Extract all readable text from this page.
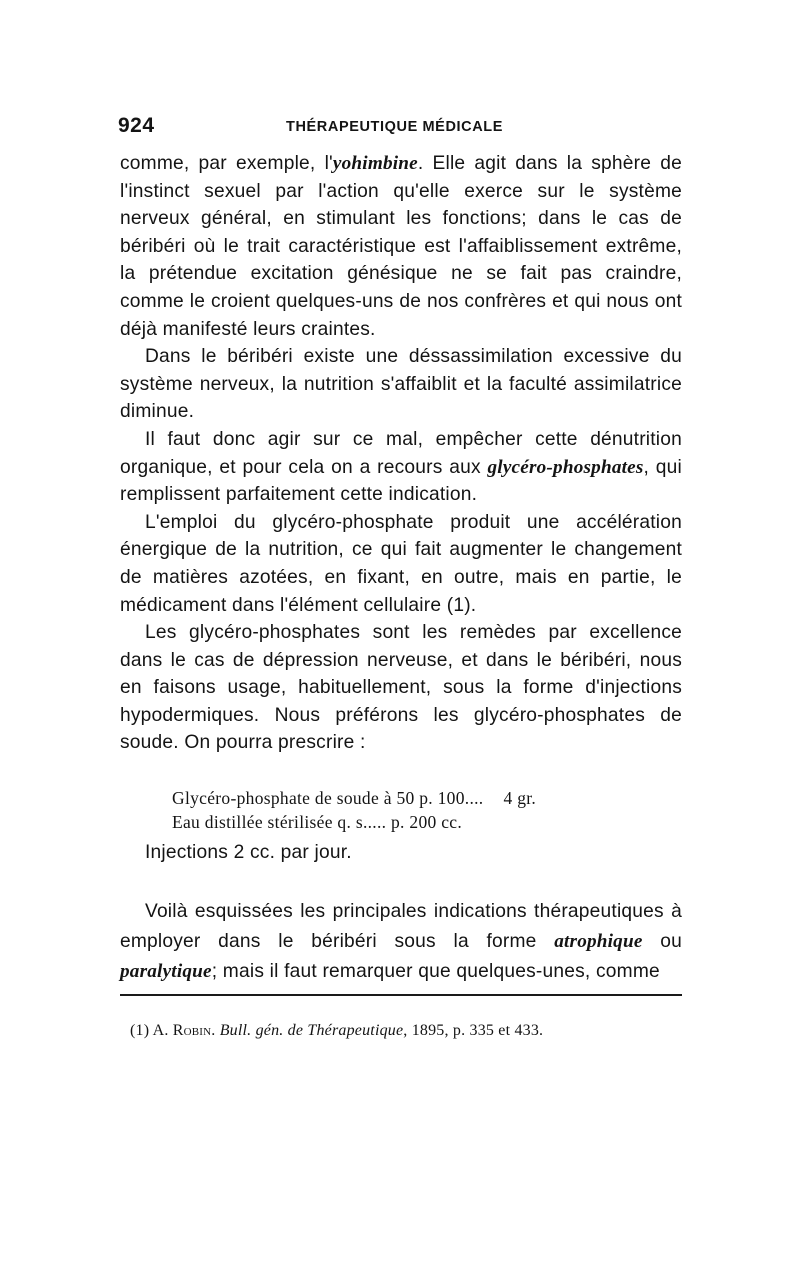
924	THÉRAPEUTIQUE MÉDICALE

comme, par exemple, l'yohimbine. Elle agit dans la sphère de l'instinct sexuel par l'action qu'elle exerce sur le système nerveux général, en stimulant les fonctions; dans le cas de béribéri où le trait caractéristique est l'affaiblissement extrême, la prétendue excitation génésique ne se fait pas craindre, comme le croient quelques-uns de nos confrères et qui nous ont déjà manifesté leurs craintes.

Dans le béribéri existe une déssassimilation excessive du système nerveux, la nutrition s'affaiblit et la faculté assimilatrice diminue.

Il faut donc agir sur ce mal, empêcher cette dénutrition organique, et pour cela on a recours aux glycéro-phosphates, qui remplissent parfaitement cette indication.

L'emploi du glycéro-phosphate produit une accélération énergique de la nutrition, ce qui fait augmenter le changement de matières azotées, en fixant, en outre, mais en partie, le médicament dans l'élément cellulaire (1).

Les glycéro-phosphates sont les remèdes par excellence dans le cas de dépression nerveuse, et dans le béribéri, nous en faisons usage, habituellement, sous la forme d'injections hypodermiques. Nous préférons les glycéro-phosphates de soude. On pourra prescrire :

Glycéro-phosphate de soude à 50 p. 100.... 4 gr.
Eau distillée stérilisée q. s..... p. 200 cc.
Injections 2 cc. par jour.

Voilà esquissées les principales indications thérapeutiques à employer dans le béribéri sous la forme atrophique ou paralytique; mais il faut remarquer que quelques-unes, comme

(1) A. Robin. Bull. gén. de Thérapeutique, 1895, p. 335 et 433.
